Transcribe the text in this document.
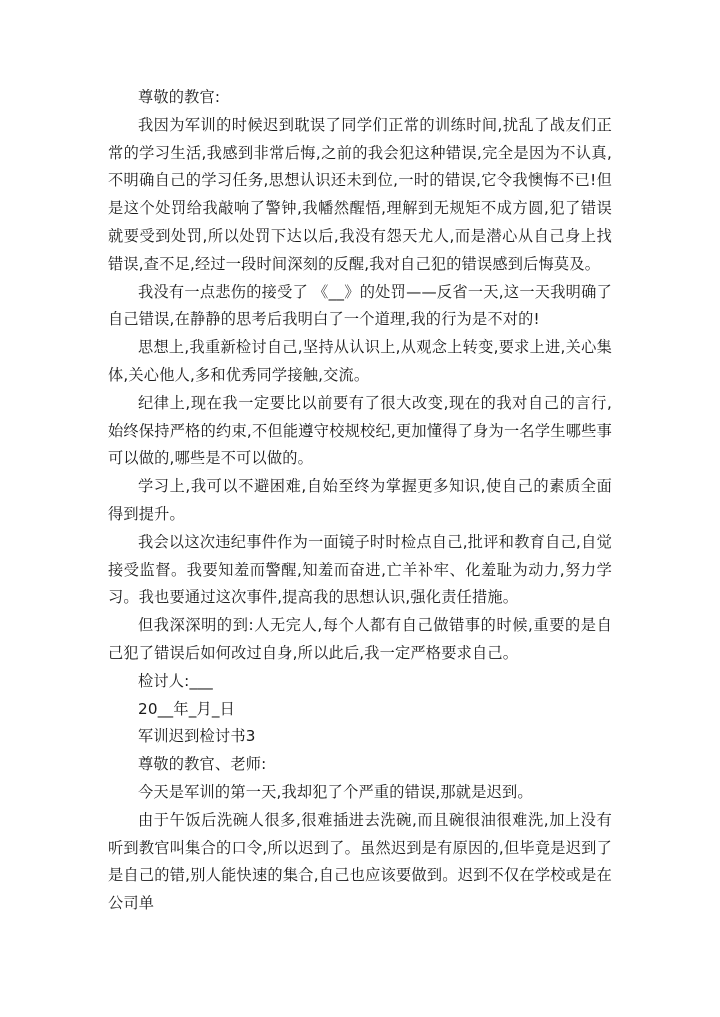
尊敬的教官:

我因为军训的时候迟到耽误了同学们正常的训练时间,扰乱了战友们正常的学习生活,我感到非常后悔,之前的我会犯这种错误,完全是因为不认真,不明确自己的学习任务,思想认识还未到位,一时的错误,它令我懊悔不已!但是这个处罚给我敲响了警钟,我幡然醒悟,理解到无规矩不成方圆,犯了错误就要受到处罚,所以处罚下达以后,我没有怨天尤人,而是潜心从自己身上找错误,查不足,经过一段时间深刻的反醒,我对自己犯的错误感到后悔莫及。

我没有一点悲伤的接受了 《__》的处罚——反省一天,这一天我明确了自己错误,在静静的思考后我明白了一个道理,我的行为是不对的!

思想上,我重新检讨自己,坚持从认识上,从观念上转变,要求上进,关心集体,关心他人,多和优秀同学接触,交流。

纪律上,现在我一定要比以前要有了很大改变,现在的我对自己的言行,始终保持严格的约束,不但能遵守校规校纪,更加懂得了身为一名学生哪些事可以做的,哪些是不可以做的。

学习上,我可以不避困难,自始至终为掌握更多知识,使自己的素质全面得到提升。

我会以这次违纪事件作为一面镜子时时检点自己,批评和教育自己,自觉接受监督。我要知羞而警醒,知羞而奋进,亡羊补牢、化羞耻为动力,努力学习。我也要通过这次事件,提高我的思想认识,强化责任措施。

但我深深明的到:人无完人,每个人都有自己做错事的时候,重要的是自己犯了错误后如何改过自身,所以此后,我一定严格要求自己。

检讨人:___

20__年_月_日

军训迟到检讨书3

尊敬的教官、老师:

今天是军训的第一天,我却犯了个严重的错误,那就是迟到。

由于午饭后洗碗人很多,很难插进去洗碗,而且碗很油很难洗,加上没有听到教官叫集合的口令,所以迟到了。虽然迟到是有原因的,但毕竟是迟到了是自己的错,别人能快速的集合,自己也应该要做到。迟到不仅在学校或是在公司单
